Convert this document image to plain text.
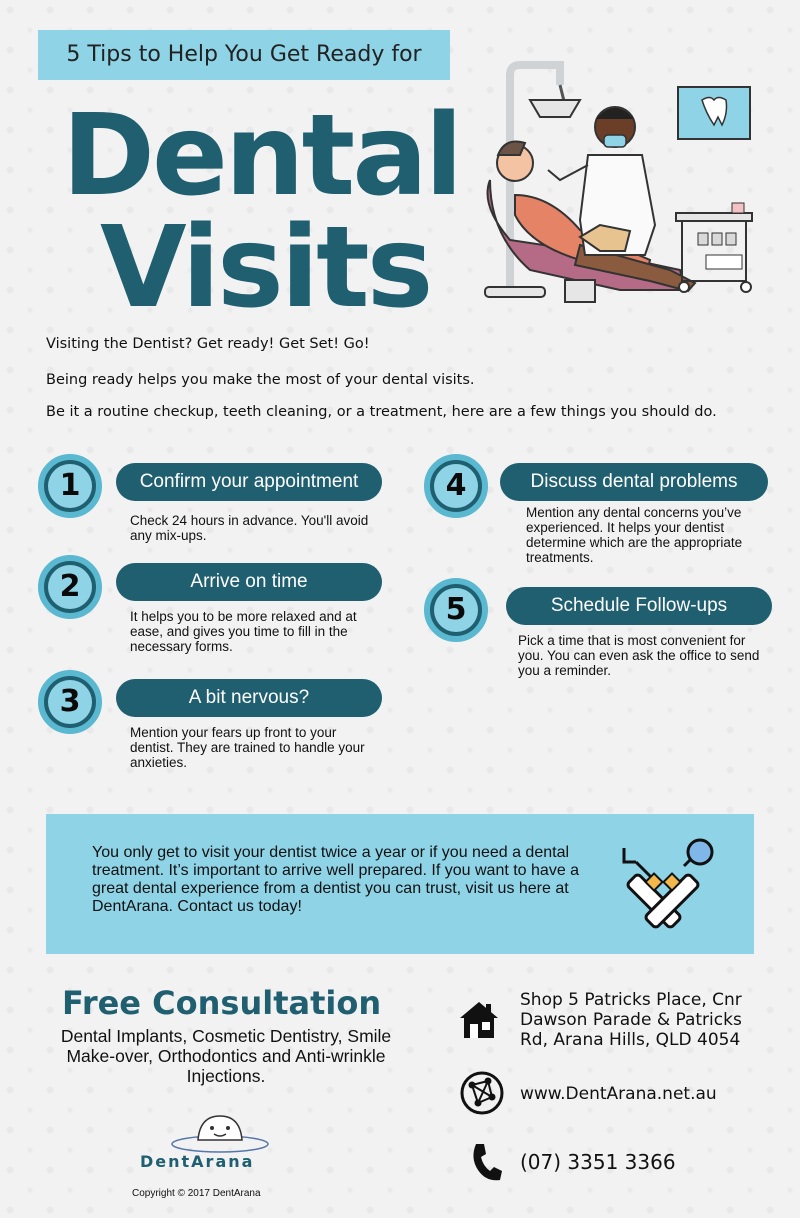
5 Tips to Help You Get Ready for
Dental
Visits
Visiting the Dentist? Get ready! Get Set! Go!
Being ready helps you make the most of your dental visits.
Be it a routine checkup, teeth cleaning, or a treatment, here are a few things you should do.
1	Confirm your appointment
Check 24 hours in advance. You'll avoid any mix-ups.
2	Arrive on time
It helps you to be more relaxed and at ease, and gives you time to fill in the necessary forms.
3	A bit nervous?
Mention your fears up front to your dentist. They are trained to handle your anxieties.
4	Discuss dental problems
Mention any dental concerns you’ve experienced. It helps your dentist determine which are the appropriate treatments.
5	Schedule Follow-ups
Pick a time that is most convenient for you. You can even ask the office to send you a reminder.
You only get to visit your dentist twice a year or if you need a dental treatment. It’s important to arrive well prepared. If you want to have a great dental experience from a dentist you can trust, visit us here at DentArana. Contact us today!
Free Consultation
Dental Implants, Cosmetic Dentistry, Smile Make-over, Orthodontics and Anti-wrinkle Injections.
DentArana
Copyright © 2017 DentArana
Shop 5 Patricks Place, Cnr Dawson Parade & Patricks Rd, Arana Hills, QLD 4054
www.DentArana.net.au
(07) 3351 3366
